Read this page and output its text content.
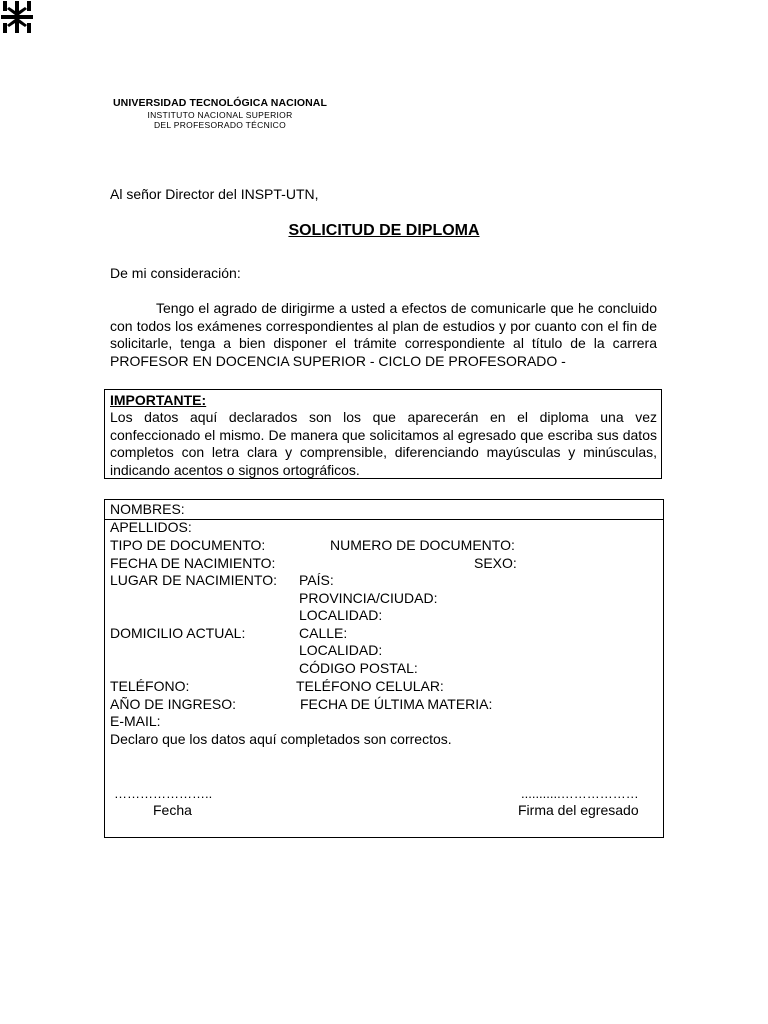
UNIVERSIDAD TECNOLÓGICA NACIONAL
INSTITUTO NACIONAL SUPERIOR
DEL PROFESORADO TÉCNICO
Al señor Director del INSPT-UTN,
SOLICITUD DE DIPLOMA
De mi consideración:
Tengo el agrado de dirigirme a usted a efectos de comunicarle que he concluido con todos los exámenes correspondientes al plan de estudios y por cuanto con el fin de solicitarle, tenga a bien disponer el trámite correspondiente al título de la carrera PROFESOR EN DOCENCIA SUPERIOR - CICLO DE PROFESORADO -
IMPORTANTE:
Los datos aquí declarados son los que aparecerán en el diploma una vez confeccionado el mismo. De manera que solicitamos al egresado que escriba sus datos completos con letra clara y comprensible, diferenciando mayúsculas y minúsculas, indicando acentos o signos ortográficos.
NOMBRES:
APELLIDOS:
TIPO DE DOCUMENTO:	NUMERO DE DOCUMENTO:
FECHA DE NACIMIENTO:	SEXO:
LUGAR DE NACIMIENTO: PAÍS:
PROVINCIA/CIUDAD:
LOCALIDAD:
DOMICILIO ACTUAL:	CALLE:
LOCALIDAD:
CÓDIGO POSTAL:
TELÉFONO:	TELÉFONO CELULAR:
AÑO DE INGRESO:	FECHA DE ÚLTIMA MATERIA:
E-MAIL:
Declaro que los datos aquí completados son correctos.
…………………..	...........………………
Fecha	Firma del egresado
